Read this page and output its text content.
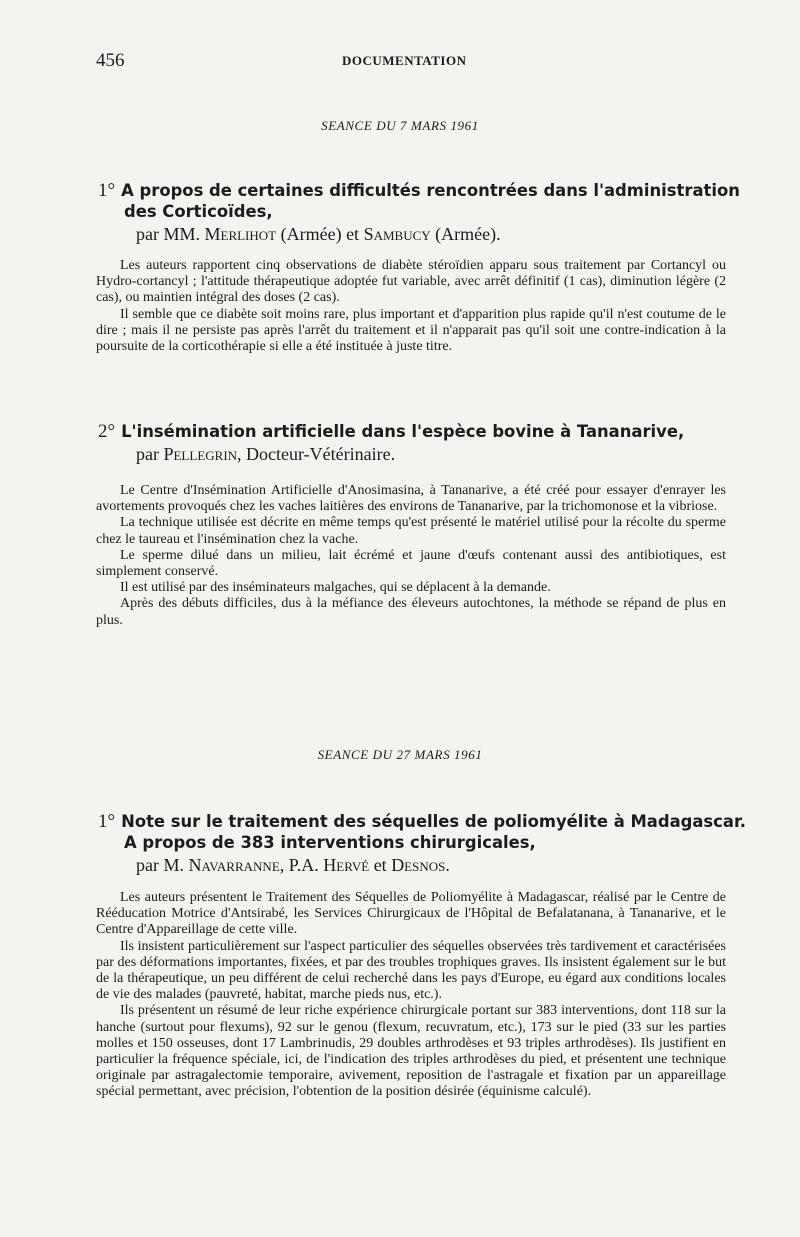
456	DOCUMENTATION
SEANCE DU 7 MARS 1961
1° A propos de certaines difficultés rencontrées dans l'administration
des Corticoïdes,
par MM. Merlihot (Armée) et Sambucy (Armée).

Les auteurs rapportent cinq observations de diabète stéroïdien apparu sous traitement par Cortancyl ou Hydro-cortancyl ; l'attitude thérapeutique adoptée fut variable, avec arrêt définitif (1 cas), diminution légère (2 cas), ou maintien intégral des doses (2 cas).

Il semble que ce diabète soit moins rare, plus important et d'apparition plus rapide qu'il n'est coutume de le dire ; mais il ne persiste pas après l'arrêt du traitement et il n'apparait pas qu'il soit une contre-indication à la poursuite de la corticothérapie si elle a été instituée à juste titre.

2° L'insémination artificielle dans l'espèce bovine à Tananarive,
par Pellegrin, Docteur-Vétérinaire.

Le Centre d'Insémination Artificielle d'Anosimasina, à Tananarive, a été créé pour essayer d'enrayer les avortements provoqués chez les vaches laitières des environs de Tananarive, par la trichomonose et la vibriose.

La technique utilisée est décrite en même temps qu'est présenté le matériel utilisé pour la récolte du sperme chez le taureau et l'insémination chez la vache.

Le sperme dilué dans un milieu, lait écrémé et jaune d'œufs contenant aussi des antibiotiques, est simplement conservé.

Il est utilisé par des inséminateurs malgaches, qui se déplacent à la demande.

Après des débuts difficiles, dus à la méfiance des éleveurs autochtones, la méthode se répand de plus en plus.

SEANCE DU 27 MARS 1961
1° Note sur le traitement des séquelles de poliomyélite à Madagascar.
A propos de 383 interventions chirurgicales,
par M. Navarranne, P.A. Hervé et Desnos.

Les auteurs présentent le Traitement des Séquelles de Poliomyélite à Madagascar, réalisé par le Centre de Rééducation Motrice d'Antsirabé, les Services Chirurgicaux de l'Hôpital de Befalatanana, à Tananarive, et le Centre d'Appareillage de cette ville.

Ils insistent particulièrement sur l'aspect particulier des séquelles observées très tardivement et caractérisées par des déformations importantes, fixées, et par des troubles trophiques graves. Ils insistent également sur le but de la thérapeutique, un peu différent de celui recherché dans les pays d'Europe, eu égard aux conditions locales de vie des malades (pauvreté, habitat, marche pieds nus, etc.).

Ils présentent un résumé de leur riche expérience chirurgicale portant sur 383 interventions, dont 118 sur la hanche (surtout pour flexums), 92 sur le genou (flexum, recuvratum, etc.), 173 sur le pied (33 sur les parties molles et 150 osseuses, dont 17 Lambrinudis, 29 doubles arthrodèses et 93 triples arthrodèses). Ils justifient en particulier la fréquence spéciale, ici, de l'indication des triples arthrodèses du pied, et présentent une technique originale par astragalectomie temporaire, avivement, reposition de l'astragale et fixation par un appareillage spécial permettant, avec précision, l'obtention de la position désirée (équinisme calculé).
